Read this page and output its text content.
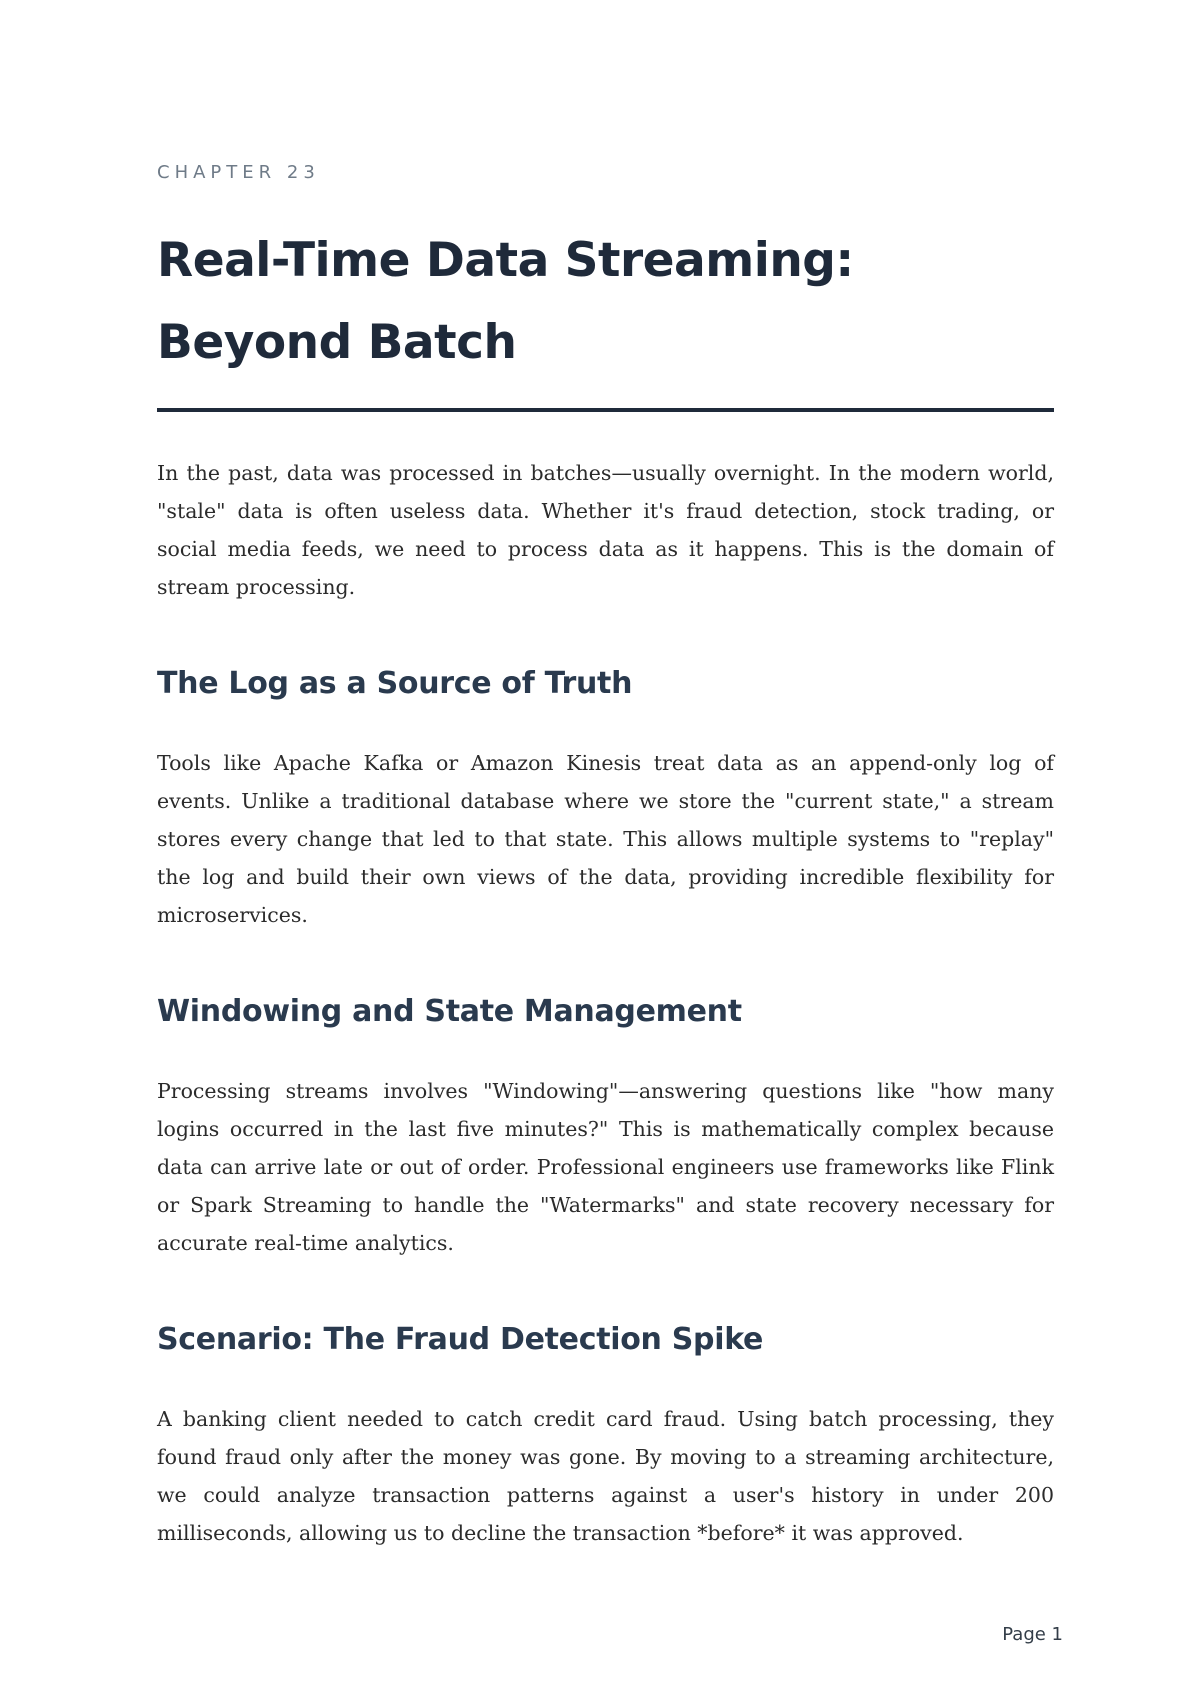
CHAPTER 23

Real-Time Data Streaming: Beyond Batch

In the past, data was processed in batches—usually overnight. In the modern world, "stale" data is often useless data. Whether it's fraud detection, stock trading, or social media feeds, we need to process data as it happens. This is the domain of stream processing.

The Log as a Source of Truth

Tools like Apache Kafka or Amazon Kinesis treat data as an append-only log of events. Unlike a traditional database where we store the "current state," a stream stores every change that led to that state. This allows multiple systems to "replay" the log and build their own views of the data, providing incredible flexibility for microservices.

Windowing and State Management

Processing streams involves "Windowing"—answering questions like "how many logins occurred in the last five minutes?" This is mathematically complex because data can arrive late or out of order. Professional engineers use frameworks like Flink or Spark Streaming to handle the "Watermarks" and state recovery necessary for accurate real-time analytics.

Scenario: The Fraud Detection Spike

A banking client needed to catch credit card fraud. Using batch processing, they found fraud only after the money was gone. By moving to a streaming architecture, we could analyze transaction patterns against a user's history in under 200 milliseconds, allowing us to decline the transaction *before* it was approved.

Page 1
